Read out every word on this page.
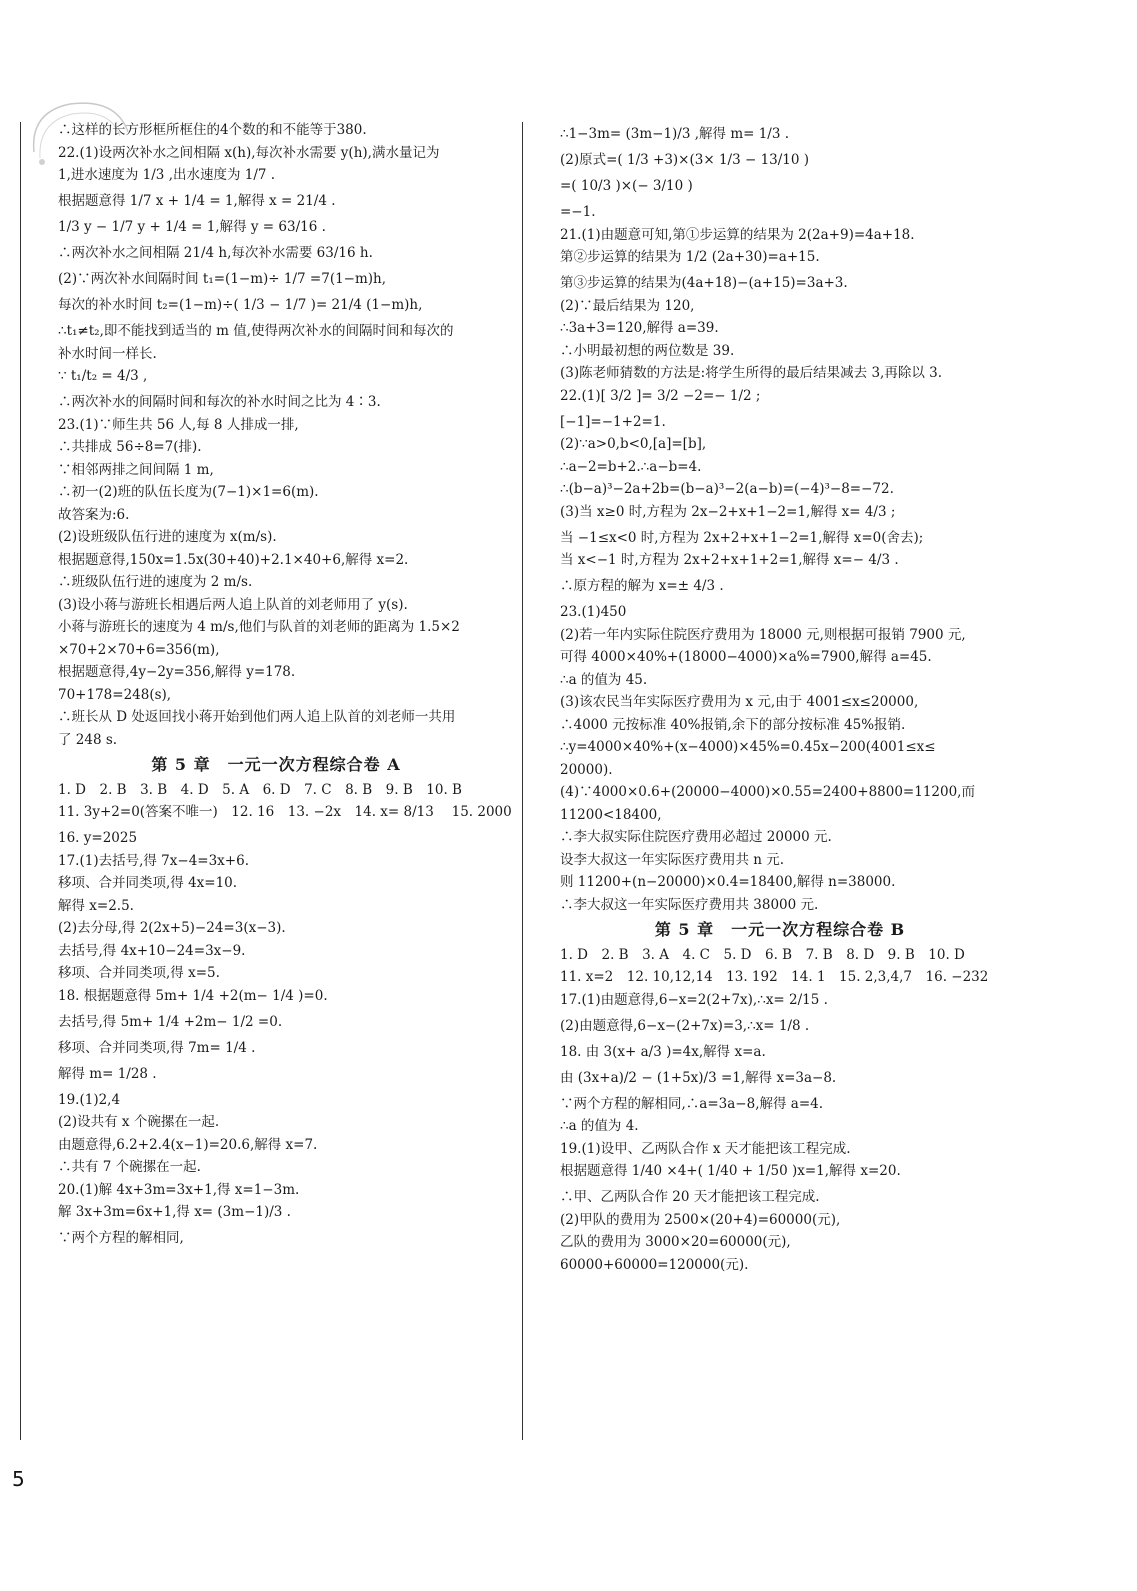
∴这样的长方形框所框住的4个数的和不能等于380.
22.(1)设两次补水之间相隔 x(h),每次补水需要 y(h),满水量记为
1,进水速度为 1/3 ,出水速度为 1/7 .
根据题意得 1/7 x + 1/4 = 1,解得 x = 21/4 .
1/3 y − 1/7 y + 1/4 = 1,解得 y = 63/16 .
∴两次补水之间相隔 21/4 h,每次补水需要 63/16 h.
(2)∵两次补水间隔时间 t₁=(1−m)÷ 1/7 =7(1−m)h,
每次的补水时间 t₂=(1−m)÷( 1/3 − 1/7 )= 21/4 (1−m)h,
∴t₁≠t₂,即不能找到适当的 m 值,使得两次补水的间隔时间和每次的
补水时间一样长.
∵ t₁/t₂ = 4/3 ,
∴两次补水的间隔时间和每次的补水时间之比为 4∶3.
23.(1)∵师生共 56 人,每 8 人排成一排,
∴共排成 56÷8=7(排).
∵相邻两排之间间隔 1 m,
∴初一(2)班的队伍长度为(7−1)×1=6(m).
故答案为:6.
(2)设班级队伍行进的速度为 x(m/s).
根据题意得,150x=1.5x(30+40)+2.1×40+6,解得 x=2.
∴班级队伍行进的速度为 2 m/s.
(3)设小蒋与游班长相遇后两人追上队首的刘老师用了 y(s).
小蒋与游班长的速度为 4 m/s,他们与队首的刘老师的距离为 1.5×2
×70+2×70+6=356(m),
根据题意得,4y−2y=356,解得 y=178.
70+178=248(s),
∴班长从 D 处返回找小蒋开始到他们两人追上队首的刘老师一共用
了 248 s.
第 5 章　一元一次方程综合卷 A
1. D　2. B　3. B　4. D　5. A　6. D　7. C　8. B　9. B　10. B
11. 3y+2=0(答案不唯一)　12. 16　13. −2x　14. x= 8/13 　15. 2000
16. y=2025
17.(1)去括号,得 7x−4=3x+6.
移项、合并同类项,得 4x=10.
解得 x=2.5.
(2)去分母,得 2(2x+5)−24=3(x−3).
去括号,得 4x+10−24=3x−9.
移项、合并同类项,得 x=5.
18. 根据题意得 5m+ 1/4 +2(m− 1/4 )=0.
去括号,得 5m+ 1/4 +2m− 1/2 =0.
移项、合并同类项,得 7m= 1/4 .
解得 m= 1/28 .
19.(1)2,4
(2)设共有 x 个碗摞在一起.
由题意得,6.2+2.4(x−1)=20.6,解得 x=7.
∴共有 7 个碗摞在一起.
20.(1)解 4x+3m=3x+1,得 x=1−3m.
解 3x+3m=6x+1,得 x= (3m−1)/3 .
∵两个方程的解相同,
∴1−3m= (3m−1)/3 ,解得 m= 1/3 .
(2)原式=( 1/3 +3)×(3× 1/3 − 13/10 )
=( 10/3 )×(− 3/10 )
=−1.
21.(1)由题意可知,第①步运算的结果为 2(2a+9)=4a+18.
第②步运算的结果为 1/2 (2a+30)=a+15.
第③步运算的结果为(4a+18)−(a+15)=3a+3.
(2)∵最后结果为 120,
∴3a+3=120,解得 a=39.
∴小明最初想的两位数是 39.
(3)陈老师猜数的方法是:将学生所得的最后结果减去 3,再除以 3.
22.(1)[ 3/2 ]= 3/2 −2=− 1/2 ;
[−1]=−1+2=1.
(2)∵a>0,b<0,[a]=[b],
∴a−2=b+2.∴a−b=4.
∴(b−a)³−2a+2b=(b−a)³−2(a−b)=(−4)³−8=−72.
(3)当 x≥0 时,方程为 2x−2+x+1−2=1,解得 x= 4/3 ;
当 −1≤x<0 时,方程为 2x+2+x+1−2=1,解得 x=0(舍去);
当 x<−1 时,方程为 2x+2+x+1+2=1,解得 x=− 4/3 .
∴原方程的解为 x=± 4/3 .
23.(1)450
(2)若一年内实际住院医疗费用为 18000 元,则根据可报销 7900 元,
可得 4000×40%+(18000−4000)×a%=7900,解得 a=45.
∴a 的值为 45.
(3)该农民当年实际医疗费用为 x 元,由于 4001≤x≤20000,
∴4000 元按标准 40%报销,余下的部分按标准 45%报销.
∴y=4000×40%+(x−4000)×45%=0.45x−200(4001≤x≤
20000).
(4)∵4000×0.6+(20000−4000)×0.55=2400+8800=11200,而
11200<18400,
∴李大叔实际住院医疗费用必超过 20000 元.
设李大叔这一年实际医疗费用共 n 元.
则 11200+(n−20000)×0.4=18400,解得 n=38000.
∴李大叔这一年实际医疗费用共 38000 元.
第 5 章　一元一次方程综合卷 B
1. D　2. B　3. A　4. C　5. D　6. B　7. B　8. D　9. B　10. D
11. x=2　12. 10,12,14　13. 192　14. 1　15. 2,3,4,7　16. −232
17.(1)由题意得,6−x=2(2+7x),∴x= 2/15 .
(2)由题意得,6−x−(2+7x)=3,∴x= 1/8 .
18. 由 3(x+ a/3 )=4x,解得 x=a.
由 (3x+a)/2 − (1+5x)/3 =1,解得 x=3a−8.
∵两个方程的解相同,∴a=3a−8,解得 a=4.
∴a 的值为 4.
19.(1)设甲、乙两队合作 x 天才能把该工程完成.
根据题意得 1/40 ×4+( 1/40 + 1/50 )x=1,解得 x=20.
∴甲、乙两队合作 20 天才能把该工程完成.
(2)甲队的费用为 2500×(20+4)=60000(元),
乙队的费用为 3000×20=60000(元),
60000+60000=120000(元).
5
